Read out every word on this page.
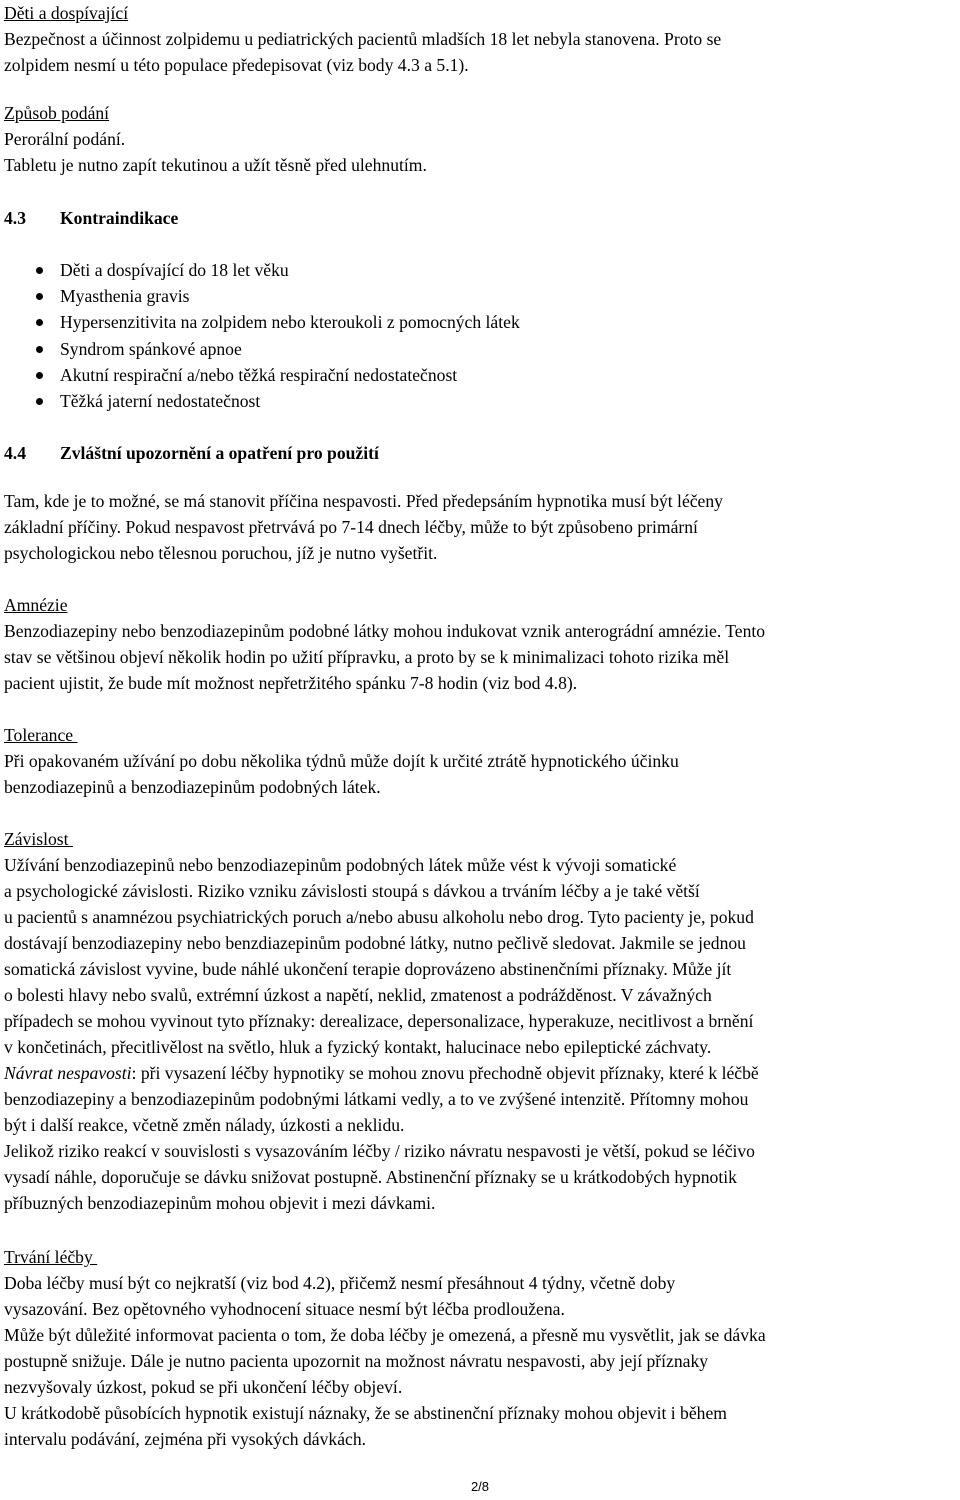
Děti a dospívající

Bezpečnost a účinnost zolpidemu u pediatrických pacientů mladších 18 let nebyla stanovena. Proto se

zolpidem nesmí u této populace předepisovat (viz body 4.3 a 5.1).

Způsob podání

Perorální podání.

Tabletu je nutno zapít tekutinou a užít těsně před ulehnutím.

4.3 Kontraindikace
Děti a dospívající do 18 let věku
Myasthenia gravis
Hypersenzitivita na zolpidem nebo kteroukoli z pomocných látek
Syndrom spánkové apnoe
Akutní respirační a/nebo těžká respirační nedostatečnost
Těžká jaterní nedostatečnost
4.4 Zvláštní upozornění a opatření pro použití

Tam, kde je to možné, se má stanovit příčina nespavosti. Před předepsáním hypnotika musí být léčeny

základní příčiny. Pokud nespavost přetrvává po 7-14 dnech léčby, může to být způsobeno primární

psychologickou nebo tělesnou poruchou, jíž je nutno vyšetřit.

Amnézie

Benzodiazepiny nebo benzodiazepinům podobné látky mohou indukovat vznik anterográdní amnézie. Tento

stav se většinou objeví několik hodin po užití přípravku, a proto by se k minimalizaci tohoto rizika měl

pacient ujistit, že bude mít možnost nepřetržitého spánku 7-8 hodin (viz bod 4.8).

Tolerance

Při opakovaném užívání po dobu několika týdnů může dojít k určité ztrátě hypnotického účinku

benzodiazepinů a benzodiazepinům podobných látek.

Závislost

Užívání benzodiazepinů nebo benzodiazepinům podobných látek může vést k vývoji somatické

a psychologické závislosti. Riziko vzniku závislosti stoupá s dávkou a trváním léčby a je také větší

u pacientů s anamnézou psychiatrických poruch a/nebo abusu alkoholu nebo drog. Tyto pacienty je, pokud

dostávají benzodiazepiny nebo benzdiazepinům podobné látky, nutno pečlivě sledovat. Jakmile se jednou

somatická závislost vyvine, bude náhlé ukončení terapie doprovázeno abstinenčními příznaky. Může jít

o bolesti hlavy nebo svalů, extrémní úzkost a napětí, neklid, zmatenost a podrážděnost. V závažných

případech se mohou vyvinout tyto příznaky: derealizace, depersonalizace, hyperakuze, necitlivost a brnění

v končetinách, přecitlivělost na světlo, hluk a fyzický kontakt, halucinace nebo epileptické záchvaty.

Návrat nespavosti: při vysazení léčby hypnotiky se mohou znovu přechodně objevit příznaky, které k léčbě

benzodiazepiny a benzodiazepinům podobnými látkami vedly, a to ve zvýšené intenzitě. Přítomny mohou

být i další reakce, včetně změn nálady, úzkosti a neklidu.

Jelikož riziko reakcí v souvislosti s vysazováním léčby / riziko návratu nespavosti je větší, pokud se léčivo

vysadí náhle, doporučuje se dávku snižovat postupně. Abstinenční příznaky se u krátkodobých hypnotik

příbuzných benzodiazepinům mohou objevit i mezi dávkami.

Trvání léčby

Doba léčby musí být co nejkratší (viz bod 4.2), přičemž nesmí přesáhnout 4 týdny, včetně doby

vysazování. Bez opětovného vyhodnocení situace nesmí být léčba prodloužena.

Může být důležité informovat pacienta o tom, že doba léčby je omezená, a přesně mu vysvětlit, jak se dávka

postupně snižuje. Dále je nutno pacienta upozornit na možnost návratu nespavosti, aby její příznaky

nezvyšovaly úzkost, pokud se při ukončení léčby objeví.

U krátkodobě působících hypnotik existují náznaky, že se abstinenční příznaky mohou objevit i během

intervalu podávání, zejména při vysokých dávkách.

2/8
